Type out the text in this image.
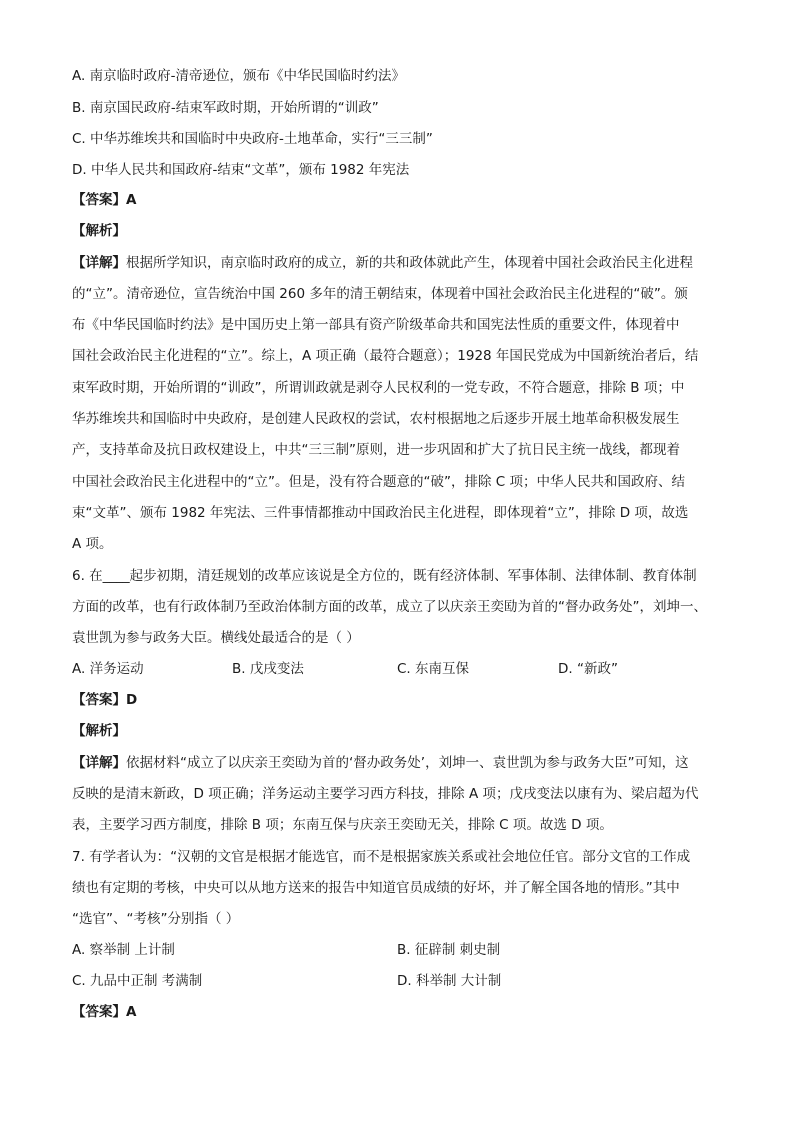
A. 南京临时政府-清帝逊位，颁布《中华民国临时约法》
B. 南京国民政府-结束军政时期，开始所谓的“训政”
C. 中华苏维埃共和国临时中央政府-土地革命，实行“三三制”
D. 中华人民共和国政府-结束“文革”，颁布 1982 年宪法
【答案】A
【解析】
【详解】根据所学知识，南京临时政府的成立，新的共和政体就此产生，体现着中国社会政治民主化进程
的“立”。清帝逊位，宣告统治中国 260 多年的清王朝结束，体现着中国社会政治民主化进程的“破”。颁
布《中华民国临时约法》是中国历史上第一部具有资产阶级革命共和国宪法性质的重要文件，体现着中
国社会政治民主化进程的“立”。综上，A 项正确（最符合题意）；1928 年国民党成为中国新统治者后，结
束军政时期，开始所谓的“训政”，所谓训政就是剥夺人民权利的一党专政，不符合题意，排除 B 项；中
华苏维埃共和国临时中央政府，是创建人民政权的尝试，农村根据地之后逐步开展土地革命积极发展生
产，支持革命及抗日政权建设上，中共“三三制”原则，进一步巩固和扩大了抗日民主统一战线，都现着
中国社会政治民主化进程中的“立”。但是，没有符合题意的“破”，排除 C 项；中华人民共和国政府、结
束“文革”、颁布 1982 年宪法、三件事情都推动中国政治民主化进程，即体现着“立”，排除 D 项，故选
A 项。
6. 在____起步初期，清廷规划的改革应该说是全方位的，既有经济体制、军事体制、法律体制、教育体制
方面的改革，也有行政体制乃至政治体制方面的改革，成立了以庆亲王奕劻为首的“督办政务处”，刘坤一、
袁世凯为参与政务大臣。横线处最适合的是（ ）
A. 洋务运动	B. 戊戌变法	C. 东南互保	D. “新政”
【答案】D
【解析】
【详解】依据材料“成立了以庆亲王奕劻为首的‘督办政务处’，刘坤一、袁世凯为参与政务大臣”可知，这
反映的是清末新政，D 项正确；洋务运动主要学习西方科技，排除 A 项；戊戌变法以康有为、梁启超为代
表，主要学习西方制度，排除 B 项；东南互保与庆亲王奕劻无关，排除 C 项。故选 D 项。
7. 有学者认为：“汉朝的文官是根据才能选官，而不是根据家族关系或社会地位任官。部分文官的工作成
绩也有定期的考核，中央可以从地方送来的报告中知道官员成绩的好坏，并了解全国各地的情形。”其中
“选官”、“考核”分别指（ ）
A. 察举制 上计制	B. 征辟制 刺史制
C. 九品中正制 考满制	D. 科举制 大计制
【答案】A
